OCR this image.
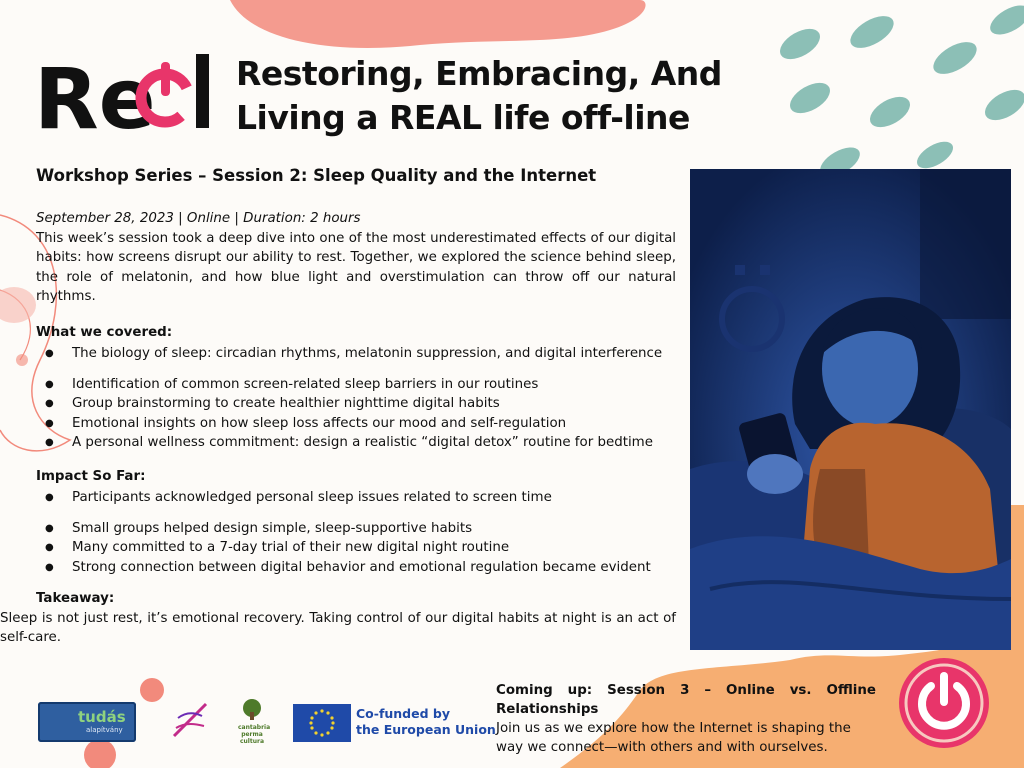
Re Restoring, Embracing, And
Living a REAL life off-line
Workshop Series – Session 2: Sleep Quality and the Internet

September 28, 2023 | Online | Duration: 2 hours

This week’s session took a deep dive into one of the most underestimated effects of our digital habits: how screens disrupt our ability to rest. Together, we explored the science behind sleep, the role of melatonin, and how blue light and overstimulation can throw off our natural rhythms.

What we covered:
● The biology of sleep: circadian rhythms, melatonin suppression, and digital interference
● Identification of common screen-related sleep barriers in our routines
● Group brainstorming to create healthier nighttime digital habits
● Emotional insights on how sleep loss affects our mood and self-regulation
● A personal wellness commitment: design a realistic “digital detox” routine for bedtime
Impact So Far:
● Participants acknowledged personal sleep issues related to screen time
● Small groups helped design simple, sleep-supportive habits
● Many committed to a 7-day trial of their new digital night routine
● Strong connection between digital behavior and emotional regulation became evident
Takeaway:

Sleep is not just rest, it’s emotional recovery. Taking control of our digital habits at night is an act of self-care.

Coming up: Session 3 – Online vs. Offline Relationships
Join us as we explore how the Internet is shaping the way we connect—with others and with ourselves.
tudás
alapítvány	cantabria perma cultura
Co-funded by
the European Union
